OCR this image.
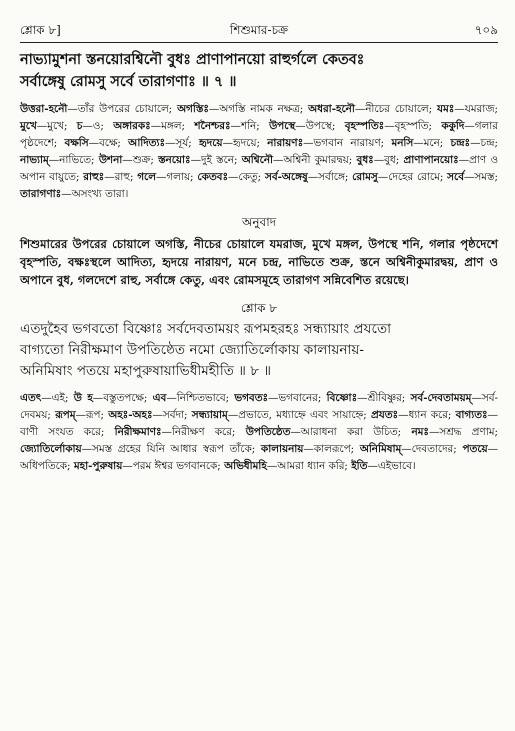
শ্লোক ৮]	শিশুমার-চক্র	৭০৯
নাভ্যামুশনা স্তনয়োরশ্বিনৌ বুধঃ প্রাণাপানয়ো রাহুর্গলে কেতবঃ
সর্বাঙ্গেষু রোমসু সর্বে তারাগণাঃ ॥ ৭ ॥
উত্তরা-হনৌ—তাঁর উপরের চোয়ালে; অগস্তিঃ—অগস্তি নামক নক্ষত্র; অধরা-হনৌ—নীচের চোয়ালে; যমঃ—যমরাজ; মুখে—মুখে; চ—ও; অঙ্গারকঃ—মঙ্গল; শনৈশ্চরঃ—শনি; উপস্থে—উপস্থে; বৃহস্পতিঃ—বৃহস্পতি; ককুদি—গলার পৃষ্ঠদেশে; বক্ষসি—বক্ষে; আদিত্যঃ—সূর্য; হৃদয়ে—হৃদয়ে; নারায়ণঃ—ভগবান নারায়ণ; মনসি—মনে; চন্দ্রঃ—চন্দ্র; নাভ্যাম্—নাভিতে; উশনা—শুক্র; স্তনয়োঃ—দুই স্তনে; অশ্বিনৌ—অশ্বিনী কুমারদ্বয়; বুধঃ—বুধ; প্রাণাপানয়োঃ—প্রাণ ও অপান বায়ুতে; রাহুঃ—রাহু; গলে—গলায়; কেতবঃ—কেতু; সর্ব-অঙ্গেষু—সর্বাঙ্গে; রোমসু—দেহের রোমে; সর্বে—সমস্ত; তারাগণাঃ—অসংখ্য তারা।
অনুবাদ
শিশুমারের উপরের চোয়ালে অগস্তি, নীচের চোয়ালে যমরাজ, মুখে মঙ্গল, উপস্থে শনি, গলার পৃষ্ঠদেশে বৃহস্পতি, বক্ষঃস্থলে আদিত্য, হৃদয়ে নারায়ণ, মনে চন্দ্র, নাভিতে শুক্র, স্তনে অশ্বিনীকুমারদ্বয়, প্রাণ ও অপানে বুধ, গলদেশে রাহু, সর্বাঙ্গে কেতু, এবং রোমসমূহে তারাগণ সন্নিবেশিত রয়েছে।
শ্লোক ৮
এতদুহৈব ভগবতো বিষ্ণোঃ সর্বদেবতাময়ং রূপমহরহঃ সন্ধ্যায়াং প্রযতো
বাগ্যতো নিরীক্ষমাণ উপতিষ্ঠেত নমো জ্যোতির্লোকায় কালায়নায়-
অনিমিষাং পতয়ে মহাপুরুষায়াভিধীমহীতি ॥ ৮ ॥
এতৎ—এই; উ হ—বস্তুতপক্ষে; এব—নিশ্চিতভাবে; ভগবতঃ—ভগবানের; বিষ্ণোঃ—শ্রীবিষ্ণুর; সর্ব-দেবতাময়ম্—সর্ব-দেবময়; রূপম্—রূপ; অহঃ-অহঃ—সর্বদা; সন্ধ্যায়াম্—প্রভাতে, মধ্যাহ্নে এবং সায়াহ্নে; প্রযতঃ—ধ্যান করে; বাগ্যতঃ—বাণী সংযত করে; নিরীক্ষমাণঃ—নিরীক্ষণ করে; উপতিষ্ঠেত—আরাধনা করা উচিত; নমঃ—সশ্রদ্ধ প্রণাম; জ্যোতির্লোকায়—সমস্ত গ্রহের যিনি আধার স্বরূপ তাঁকে; কালায়নায়—কালরূপে; অনিমিষাম্—দেবতাদের; পতয়ে—অধিপতিকে; মহা-পুরুষায়—পরম ঈশ্বর ভগবানকে; অভিধীমহি—আমরা ধ্যান করি; ইতি—এইভাবে।
